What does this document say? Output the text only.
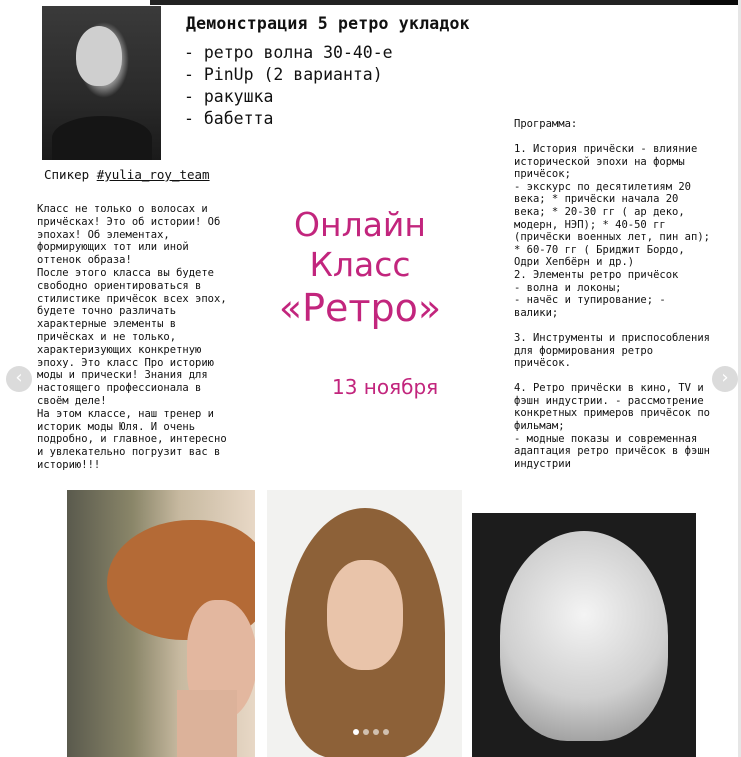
Демонстрация 5 ретро укладок
- ретро волна 30-40-е
- PinUp (2 варианта)
- ракушка
- бабетта
Спикер #yulia_roy_team
Класс не только о волосах и причёсках! Это об истории! Об эпохах! Об элементах, формирующих тот или иной оттенок образа!
После этого класса вы будете свободно ориентироваться в стилистике причёсок всех эпох, будете точно различать характерные элементы в причёсках и не только, характеризующих конкретную эпоху. Это класс Про историю моды и прически! Знания для настоящего профессионала в своём деле!
На этом классе, наш тренер и историк моды Юля. И очень подробно, и главное, интересно и увлекательно погрузит вас в историю!!!
Онлайн
Класс
«Ретро»
13 ноября
Программа:
1. История причёски - влияние исторической эпохи на формы причёсок;
- экскурс по десятилетиям 20 века; * причёски начала 20 века; * 20-30 гг ( ар деко, модерн, НЭП); * 40-50 гг (причёски военных лет, пин ап); * 60-70 гг ( Бриджит Бордо, Одри Хепбёрн и др.)
2. Элементы ретро причёсок
- волна и локоны;
- начёс и тупирование; - валики;

3. Инструменты и приспособления для формирования ретро причёсок.

4. Ретро причёски в кино, TV и фэшн индустрии. - рассмотрение конкретных примеров причёсок по фильмам;
- модные показы и современная адаптация ретро причёсок в фэшн индустрии
‹	›
